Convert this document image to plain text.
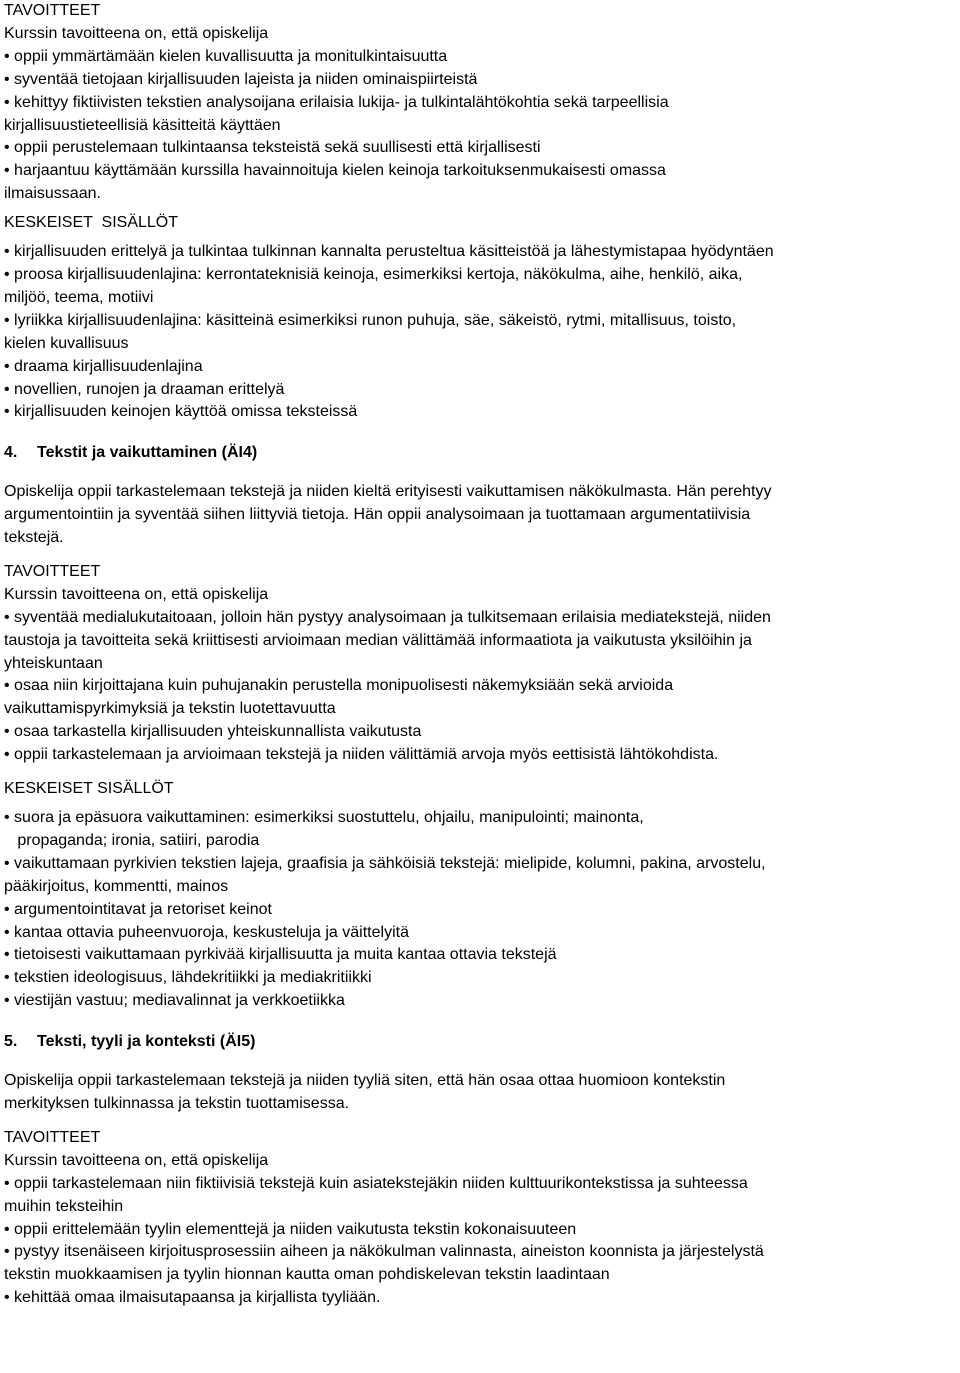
TAVOITTEET
Kurssin tavoitteena on, että opiskelija
• oppii ymmärtämään kielen kuvallisuutta ja monitulkintaisuutta
• syventää tietojaan kirjallisuuden lajeista ja niiden ominaispiirteistä
• kehittyy fiktiivisten tekstien analysoijana erilaisia lukija- ja tulkintalähtökohtia sekä tarpeellisia
kirjallisuustieteellisiä käsitteitä käyttäen
• oppii perustelemaan tulkintaansa teksteistä sekä suullisesti että kirjallisesti
• harjaantuu käyttämään kurssilla havainnoituja kielen keinoja tarkoituksenmukaisesti omassa
ilmaisussaan.
KESKEISET  SISÄLLÖT
• kirjallisuuden erittelyä ja tulkintaa tulkinnan kannalta perusteltua käsitteistöä ja lähestymistapaa hyödyntäen
• proosa kirjallisuudenlajina: kerrontateknisiä keinoja, esimerkiksi kertoja, näkökulma, aihe, henkilö, aika,
miljöö, teema, motiivi
• lyriikka kirjallisuudenlajina: käsitteinä esimerkiksi runon puhuja, säe, säkeistö, rytmi, mitallisuus, toisto,
kielen kuvallisuus
• draama kirjallisuudenlajina
• novellien, runojen ja draaman erittelyä
• kirjallisuuden keinojen käyttöä omissa teksteissä
4. Tekstit ja vaikuttaminen (ÄI4)
Opiskelija oppii tarkastelemaan tekstejä ja niiden kieltä erityisesti vaikuttamisen näkökulmasta. Hän perehtyy
argumentointiin ja syventää siihen liittyviä tietoja. Hän oppii analysoimaan ja tuottamaan argumentatiivisia
tekstejä.
TAVOITTEET
Kurssin tavoitteena on, että opiskelija
• syventää medialukutaitoaan, jolloin hän pystyy analysoimaan ja tulkitsemaan erilaisia mediatekstejä, niiden
taustoja ja tavoitteita sekä kriittisesti arvioimaan median välittämää informaatiota ja vaikutusta yksilöihin ja
yhteiskuntaan
• osaa niin kirjoittajana kuin puhujanakin perustella monipuolisesti näkemyksiään sekä arvioida
vaikuttamispyrkimyksiä ja tekstin luotettavuutta
• osaa tarkastella kirjallisuuden yhteiskunnallista vaikutusta
• oppii tarkastelemaan ja arvioimaan tekstejä ja niiden välittämiä arvoja myös eettisistä lähtökohdista.
KESKEISET SISÄLLÖT
• suora ja epäsuora vaikuttaminen: esimerkiksi suostuttelu, ohjailu, manipulointi; mainonta,
propaganda; ironia, satiiri, parodia
• vaikuttamaan pyrkivien tekstien lajeja, graafisia ja sähköisiä tekstejä: mielipide, kolumni, pakina, arvostelu,
pääkirjoitus, kommentti, mainos
• argumentointitavat ja retoriset keinot
• kantaa ottavia puheenvuoroja, keskusteluja ja väittelyitä
• tietoisesti vaikuttamaan pyrkivää kirjallisuutta ja muita kantaa ottavia tekstejä
• tekstien ideologisuus, lähdekritiikki ja mediakritiikki
• viestijän vastuu; mediavalinnat ja verkkoetiikka
5. Teksti, tyyli ja konteksti (ÄI5)
Opiskelija oppii tarkastelemaan tekstejä ja niiden tyyliä siten, että hän osaa ottaa huomioon kontekstin
merkityksen tulkinnassa ja tekstin tuottamisessa.
TAVOITTEET
Kurssin tavoitteena on, että opiskelija
• oppii tarkastelemaan niin fiktiivisiä tekstejä kuin asiatekstejäkin niiden kulttuurikontekstissa ja suhteessa
muihin teksteihin
• oppii erittelemään tyylin elementtejä ja niiden vaikutusta tekstin kokonaisuuteen
• pystyy itsenäiseen kirjoitusprosessiin aiheen ja näkökulman valinnasta, aineiston koonnista ja järjestelystä
tekstin muokkaamisen ja tyylin hionnan kautta oman pohdiskelevan tekstin laadintaan
• kehittää omaa ilmaisutapaansa ja kirjallista tyyliään.
